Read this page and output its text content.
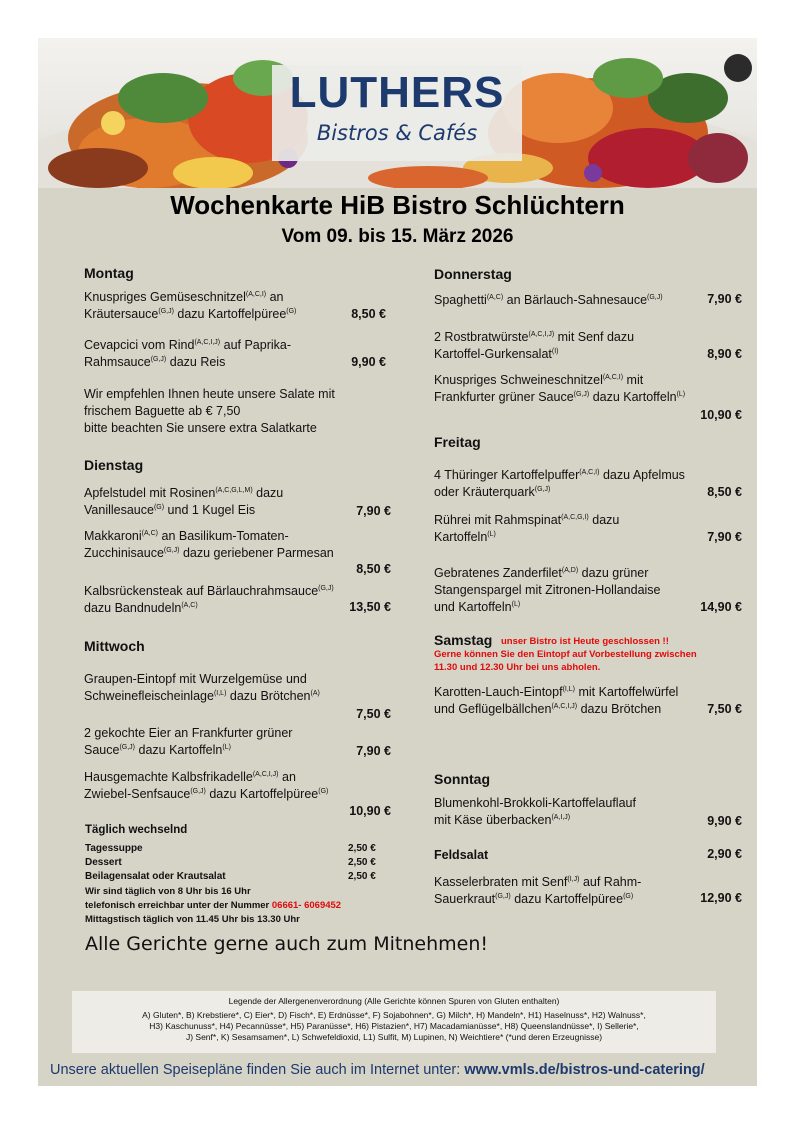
LUTHERS
Bistros & Cafés
Wochenkarte HiB Bistro Schlüchtern
Vom 09. bis 15. März 2026
Montag
Knuspriges Gemüseschnitzel$^{(A,C,I)}$ an
Kräutersauce$^{(G,J)}$ dazu Kartoffelpüree$^{(G)}$	8,50 €
Cevapcici vom Rind$^{(A,C,I,J)}$ auf Paprika-
Rahmsauce$^{(G,J)}$ dazu Reis	9,90 €
Wir empfehlen Ihnen heute unsere Salate mit
frischem Baguette ab € 7,50
bitte beachten Sie unsere extra Salatkarte
Dienstag
Apfelstudel mit Rosinen$^{(A,C,G,L,M)}$ dazu
Vanillesauce$^{(G)}$ und 1 Kugel Eis	7,90 €
Makkaroni$^{(A,C)}$ an Basilikum-Tomaten-
Zucchinisauce$^{(G,J)}$ dazu geriebener Parmesan
8,50 €
Kalbsrückensteak auf Bärlauchrahmsauce$^{(G,J)}$
dazu Bandnudeln$^{(A,C)}$	13,50 €
Mittwoch
Graupen-Eintopf mit Wurzelgemüse und
Schweinefleischeinlage$^{(I,L)}$ dazu Brötchen$^{(A)}$
7,50 €
2 gekochte Eier an Frankfurter grüner
Sauce$^{(G,J)}$ dazu Kartoffeln$^{(L)}$	7,90 €
Hausgemachte Kalbsfrikadelle$^{(A,C,I,J)}$ an
Zwiebel-Senfsauce$^{(G,J)}$ dazu Kartoffelpüree$^{(G)}$
10,90 €
Täglich wechselnd
Tagessuppe	2,50 €
Dessert	2,50 €
Beilagensalat oder Krautsalat	2,50 €
Wir sind täglich von 8 Uhr bis 16 Uhr
telefonisch erreichbar unter der Nummer 06661- 6069452
Mittagstisch täglich von 11.45 Uhr bis 13.30 Uhr
Donnerstag
Spaghetti$^{(A,C)}$ an Bärlauch-Sahnesauce$^{(G,J)}$	7,90 €
2 Rostbratwürste$^{(A,C,I,J)}$ mit Senf dazu
Kartoffel-Gurkensalat$^{(I)}$	8,90 €
Knuspriges Schweineschnitzel$^{(A,C,I)}$ mit
Frankfurter grüner Sauce$^{(G,J)}$ dazu Kartoffeln$^{(L)}$
10,90 €
Freitag
4 Thüringer Kartoffelpuffer$^{(A,C,I)}$ dazu Apfelmus
oder Kräuterquark$^{(G,J)}$	8,50 €
Rührei mit Rahmspinat$^{(A,C,G,I)}$ dazu
Kartoffeln$^{(L)}$	7,90 €
Gebratenes Zanderfilet$^{(A,D)}$ dazu grüner
Stangenspargel mit Zitronen-Hollandaise
und Kartoffeln$^{(L)}$	14,90 €
Samstag unser Bistro ist Heute geschlossen !!
Gerne können Sie den Eintopf auf Vorbestellung zwischen
11.30 und 12.30 Uhr bei uns abholen.
Karotten-Lauch-Eintopf$^{(I,L)}$ mit Kartoffelwürfel
und Geflügelbällchen$^{(A,C,I,J)}$ dazu Brötchen	7,50 €
Sonntag
Blumenkohl-Brokkoli-Kartoffelauflauf
mit Käse überbacken$^{(A,I,J)}$	9,90 €
Feldsalat	2,90 €
Kasselerbraten mit Senf$^{(I,J)}$ auf Rahm-
Sauerkraut$^{(G,J)}$ dazu Kartoffelpüree$^{(G)}$	12,90 €
Alle Gerichte gerne auch zum Mitnehmen!
Legende der Allergenenverordnung (Alle Gerichte können Spuren von Gluten enthalten)
A) Gluten*, B) Krebstiere*, C) Eier*, D) Fisch*, E) Erdnüsse*, F) Sojabohnen*, G) Milch*, H) Mandeln*, H1) Haselnuss*, H2) Walnuss*,
H3) Kaschunuss*, H4) Pecannüsse*, H5) Paranüsse*, H6) Pistazien*, H7) Macadamianüsse*, H8) Queenslandnüsse*, I) Sellerie*,
J) Senf*, K) Sesamsamen*, L) Schwefeldioxid, L1) Sulfit, M) Lupinen, N) Weichtiere* (*und deren Erzeugnisse)
Unsere aktuellen Speisepläne finden Sie auch im Internet unter: www.vmls.de/bistros-und-catering/
